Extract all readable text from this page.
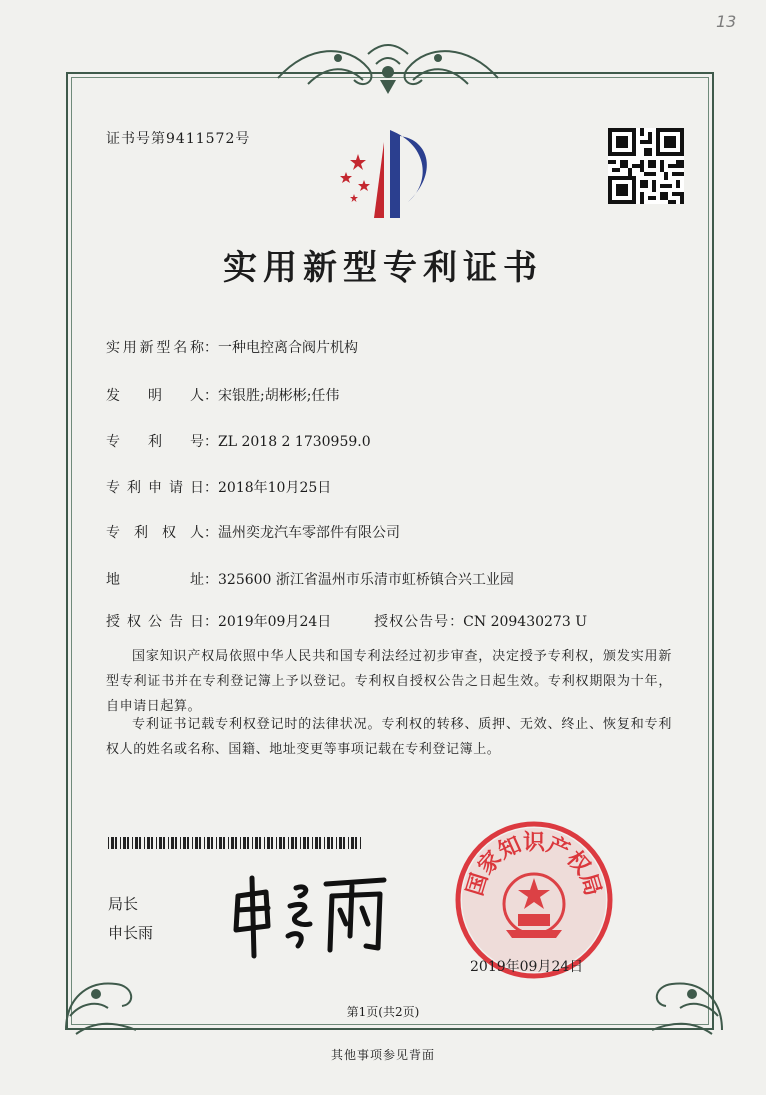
13
证书号第9411572号
实用新型专利证书
实用新型名称：一种电控离合阀片机构
发明人：宋银胜;胡彬彬;任伟
专利号：ZL 2018 2 1730959.0
专利申请日：2018年10月25日
专利权人：温州奕龙汽车零部件有限公司
地址：325600 浙江省温州市乐清市虹桥镇合兴工业园
授权公告日：2019年09月24日	授权公告号：CN 209430273 U
国家知识产权局依照中华人民共和国专利法经过初步审查，决定授予专利权，颁发实用新型专利证书并在专利登记簿上予以登记。专利权自授权公告之日起生效。专利权期限为十年，自申请日起算。
专利证书记载专利权登记时的法律状况。专利权的转移、质押、无效、终止、恢复和专利权人的姓名或名称、国籍、地址变更等事项记载在专利登记簿上。
局长
申长雨
国家知识产权局
2019年09月24日
第1页(共2页)
其他事项参见背面
